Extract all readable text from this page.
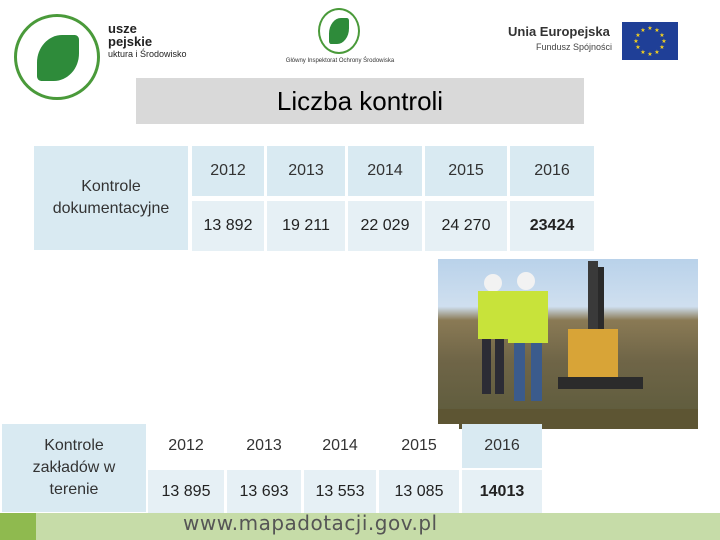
usze
pejskie
uktura i Środowisko
Główny Inspektorat Ochrony Środowiska
Unia Europejska
Fundusz Spójności
★ ★
★
★
★
★
★
★
★
★
★
★
Liczba kontroli
Kontrole
dokumentacyjne
2012	2013	2014	2015	2016
13 892	19 211	22 029	24 270	23424
Kontrole
zakładów w
terenie
2012	2013	2014	2015	2016
13 895	13 693	13 553	13 085	14013
www.mapadotacji.gov.pl
